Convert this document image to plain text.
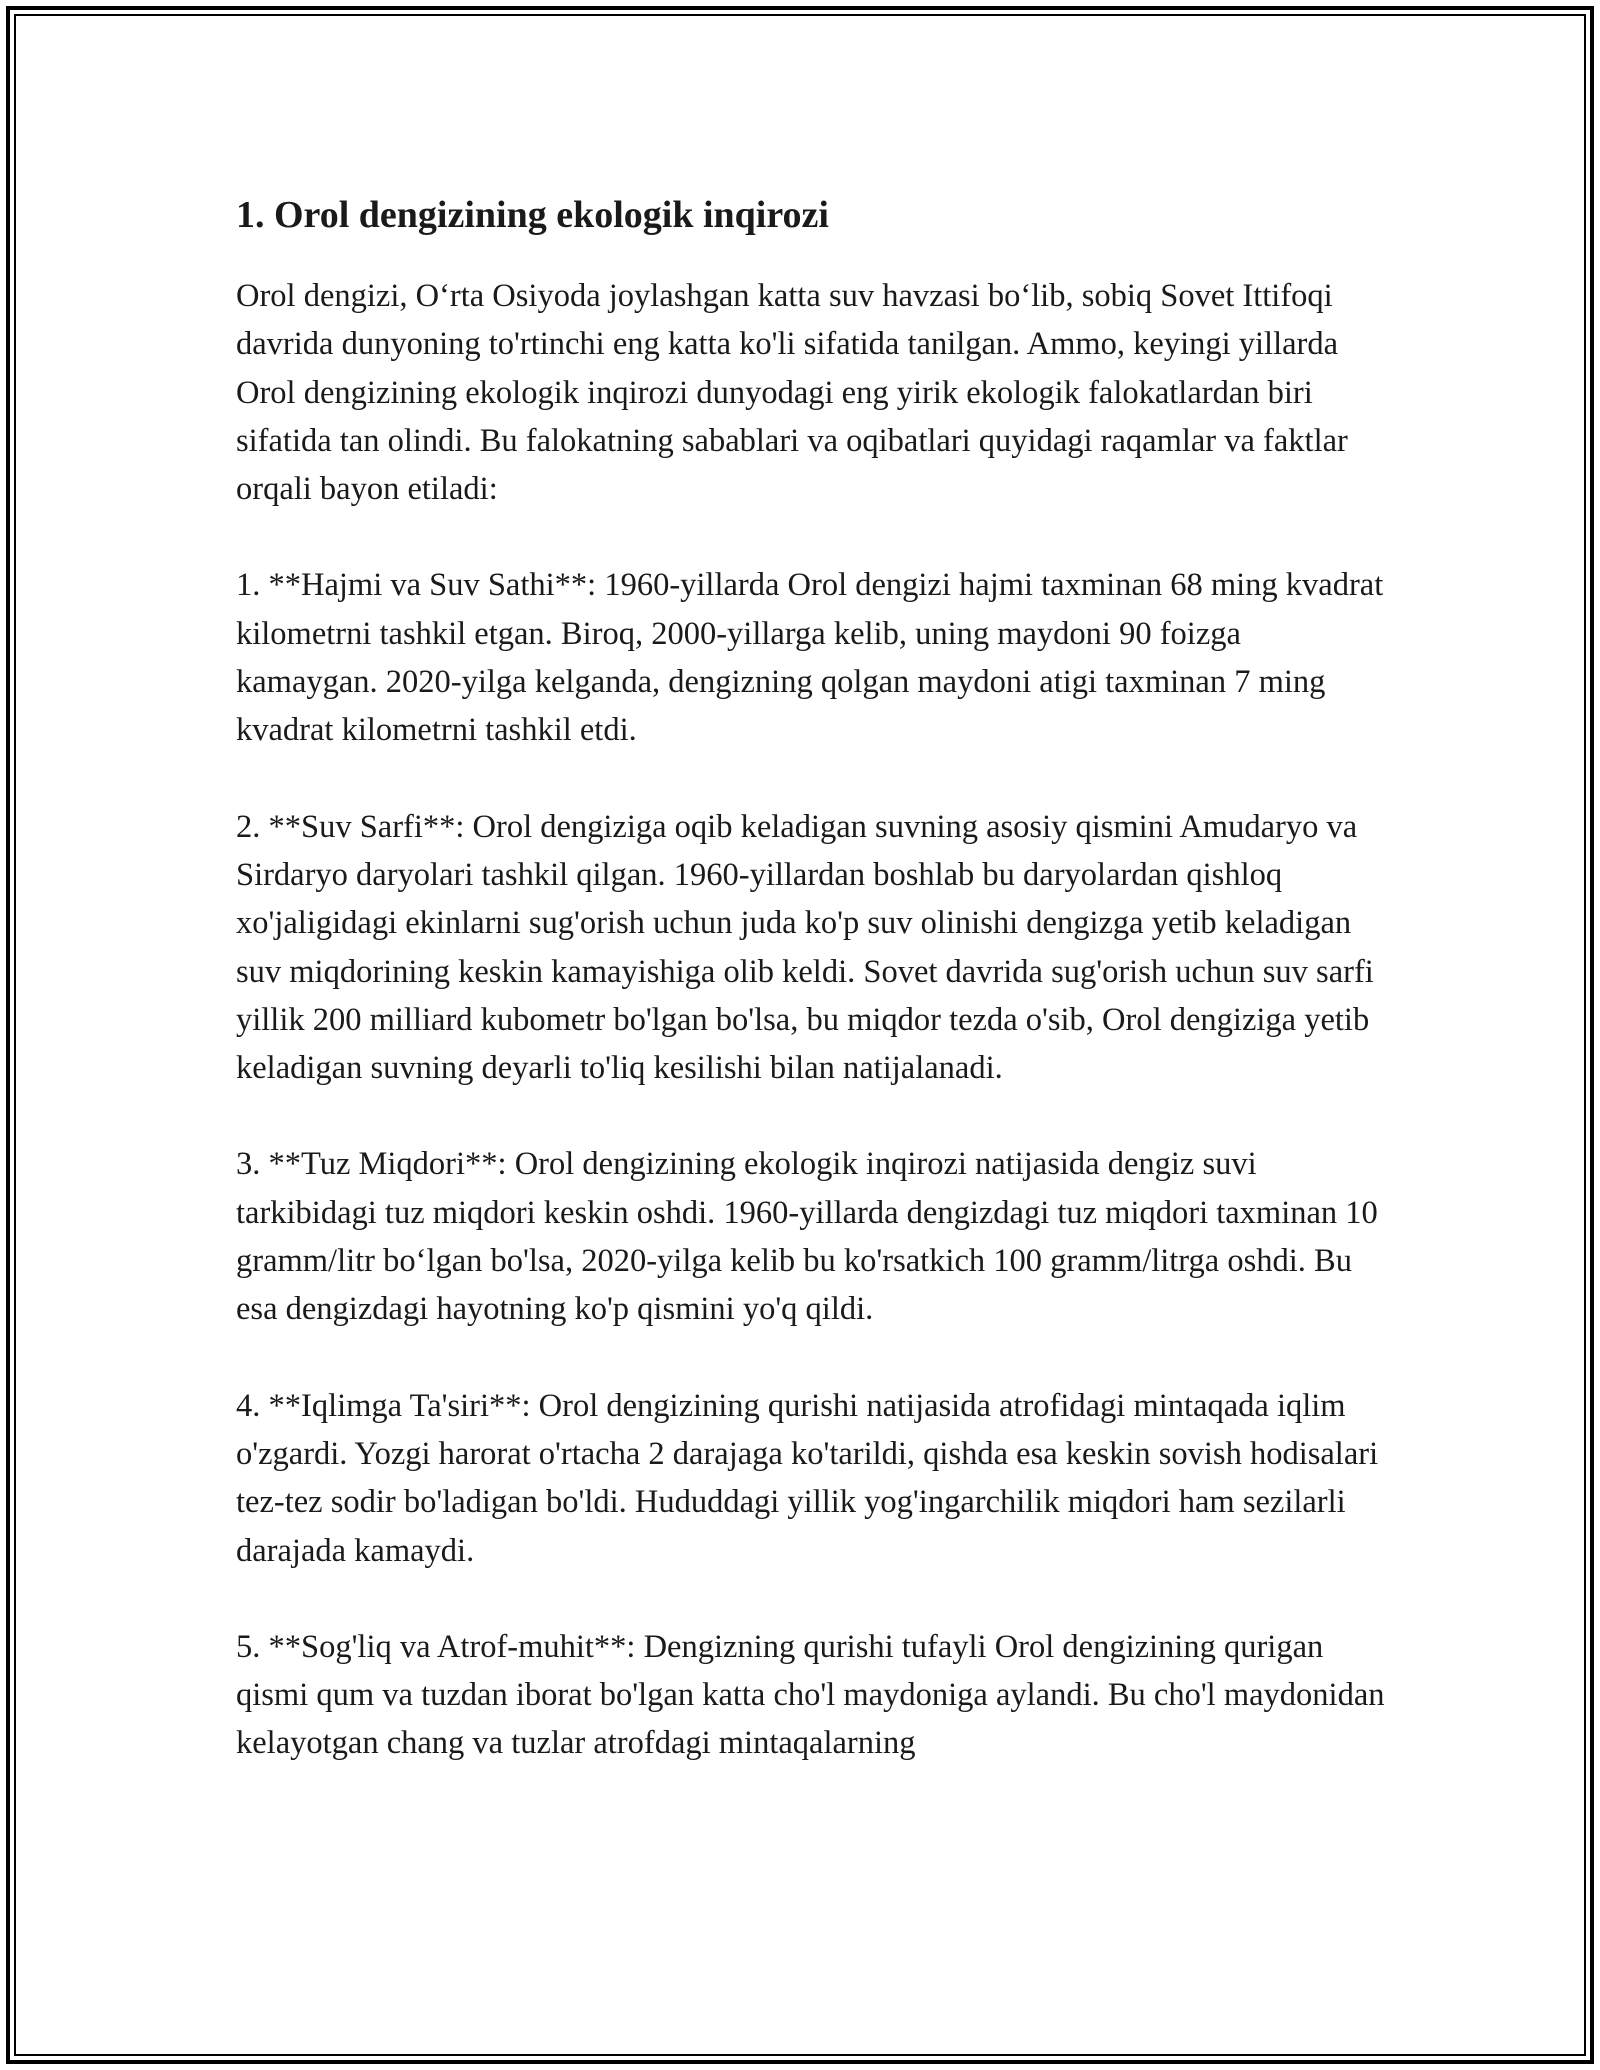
1. Orol dengizining ekologik inqirozi

Orol dengizi, O‘rta Osiyoda joylashgan katta suv havzasi bo‘lib, sobiq Sovet Ittifoqi davrida dunyoning to'rtinchi eng katta ko'li sifatida tanilgan. Ammo, keyingi yillarda Orol dengizining ekologik inqirozi dunyodagi eng yirik ekologik falokatlardan biri sifatida tan olindi. Bu falokatning sabablari va oqibatlari quyidagi raqamlar va faktlar orqali bayon etiladi:

1. **Hajmi va Suv Sathi**: 1960-yillarda Orol dengizi hajmi taxminan 68 ming kvadrat kilometrni tashkil etgan. Biroq, 2000-yillarga kelib, uning maydoni 90 foizga kamaygan. 2020-yilga kelganda, dengizning qolgan maydoni atigi taxminan 7 ming kvadrat kilometrni tashkil etdi.

2. **Suv Sarfi**: Orol dengiziga oqib keladigan suvning asosiy qismini Amudaryo va Sirdaryo daryolari tashkil qilgan. 1960-yillardan boshlab bu daryolardan qishloq xo'jaligidagi ekinlarni sug'orish uchun juda ko'p suv olinishi dengizga yetib keladigan suv miqdorining keskin kamayishiga olib keldi. Sovet davrida sug'orish uchun suv sarfi yillik 200 milliard kubometr bo'lgan bo'lsa, bu miqdor tezda o'sib, Orol dengiziga yetib keladigan suvning deyarli to'liq kesilishi bilan natijalanadi.

3. **Tuz Miqdori**: Orol dengizining ekologik inqirozi natijasida dengiz suvi tarkibidagi tuz miqdori keskin oshdi. 1960-yillarda dengizdagi tuz miqdori taxminan 10 gramm/litr bo‘lgan bo'lsa, 2020-yilga kelib bu ko'rsatkich 100 gramm/litrga oshdi. Bu esa dengizdagi hayotning ko'p qismini yo'q qildi.

4. **Iqlimga Ta'siri**: Orol dengizining qurishi natijasida atrofidagi mintaqada iqlim o'zgardi. Yozgi harorat o'rtacha 2 darajaga ko'tarildi, qishda esa keskin sovish hodisalari tez-tez sodir bo'ladigan bo'ldi. Hududdagi yillik yog'ingarchilik miqdori ham sezilarli darajada kamaydi.

5. **Sog'liq va Atrof-muhit**: Dengizning qurishi tufayli Orol dengizining qurigan qismi qum va tuzdan iborat bo'lgan katta cho'l maydoniga aylandi. Bu cho'l maydonidan kelayotgan chang va tuzlar atrofdagi mintaqalarning
